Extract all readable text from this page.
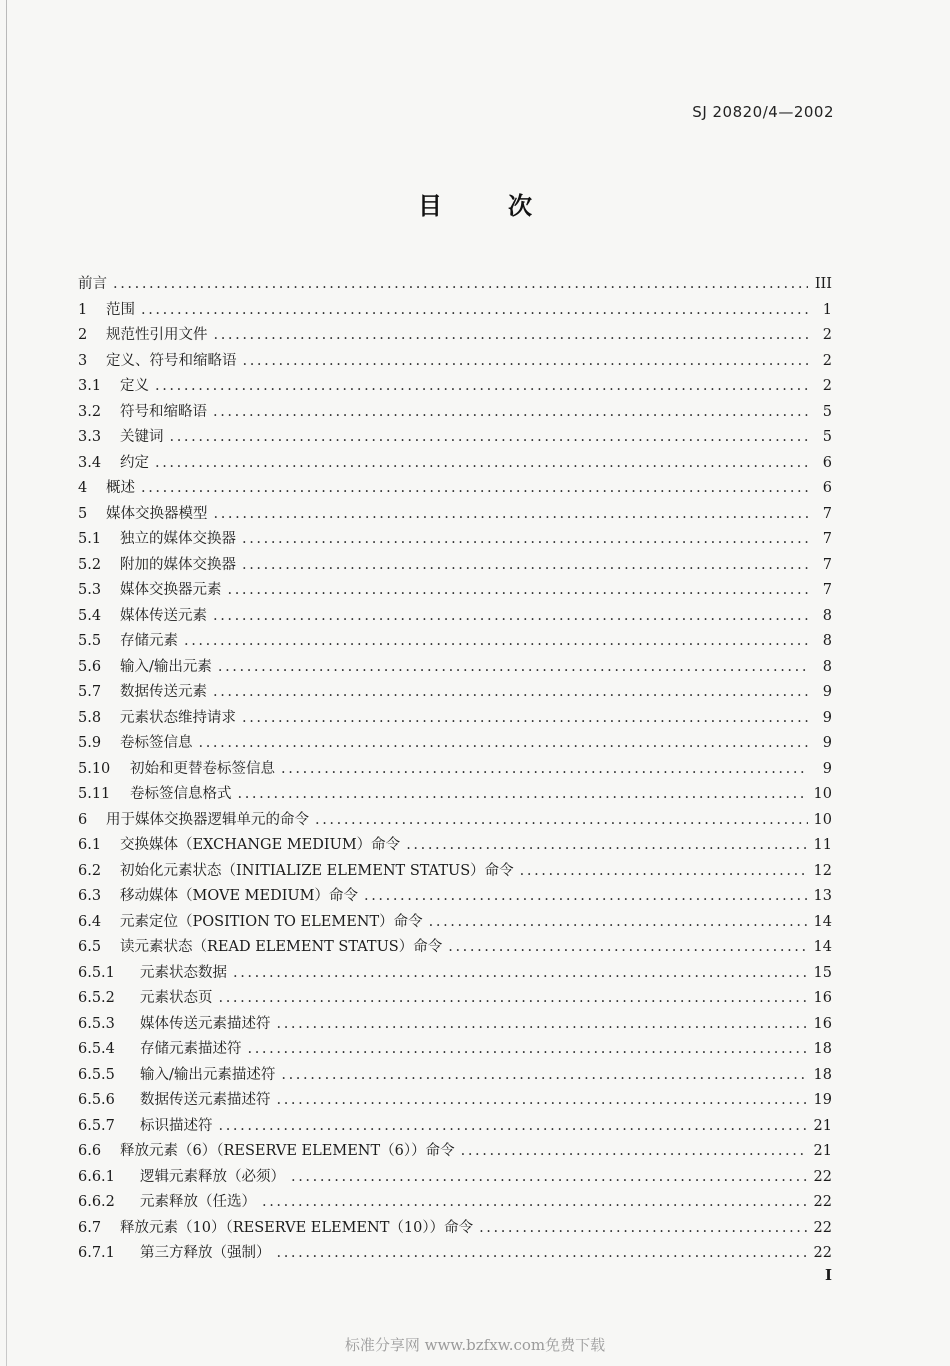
SJ 20820/4—2002
目次
前言 .....	III
1	范围 .....	1
2	规范性引用文件 .....	2
3	定义、符号和缩略语 .....	2
3.1	定义 .....	2
3.2	符号和缩略语 .....	5
3.3	关键词 .....	5
3.4	约定 .....	6
4	概述 .....	6
5	媒体交换器模型 .....	7
5.1	独立的媒体交换器 .....	7
5.2	附加的媒体交换器 .....	7
5.3	媒体交换器元素 .....	7
5.4	媒体传送元素 .....	8
5.5	存储元素 .....	8
5.6	输入/输出元素 .....	8
5.7	数据传送元素 .....	9
5.8	元素状态维持请求 .....	9
5.9	卷标签信息 .....	9
5.10	初始和更替卷标签信息 .....	9
5.11	卷标签信息格式 .....	10
6	用于媒体交换器逻辑单元的命令 .....	10
6.1	交换媒体（EXCHANGE MEDIUM）命令 .....	11
6.2	初始化元素状态（INITIALIZE ELEMENT STATUS）命令 .....	12
6.3	移动媒体（MOVE MEDIUM）命令 .....	13
6.4	元素定位（POSITION TO ELEMENT）命令 .....	14
6.5	读元素状态（READ ELEMENT STATUS）命令 .....	14
6.5.1	元素状态数据 .....	15
6.5.2	元素状态页 .....	16
6.5.3	媒体传送元素描述符 .....	16
6.5.4	存储元素描述符 .....	18
6.5.5	输入/输出元素描述符 .....	18
6.5.6	数据传送元素描述符 .....	19
6.5.7	标识描述符 .....	21
6.6	释放元素（6）（RESERVE ELEMENT（6））命令 .....	21
6.6.1	逻辑元素释放（必须） .....	22
6.6.2	元素释放（任选） .....	22
6.7	释放元素（10）（RESERVE ELEMENT（10））命令 .....	22
6.7.1	第三方释放（强制） .....	22
I
标准分享网 www.bzfxw.com免费下载
